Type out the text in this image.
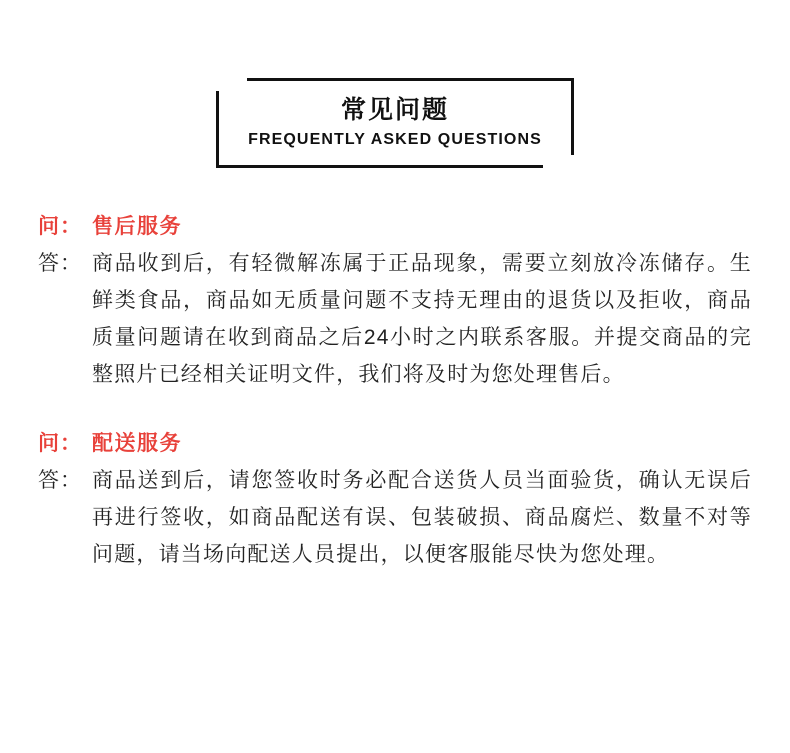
常见问题
FREQUENTLY ASKED QUESTIONS
问： 售后服务
答： 商品收到后，有轻微解冻属于正品现象，需要立刻放冷冻储存。生鲜类食品，商品如无质量问题不支持无理由的退货以及拒收，商品质量问题请在收到商品之后24小时之内联系客服。并提交商品的完整照片已经相关证明文件，我们将及时为您处理售后。
问： 配送服务
答： 商品送到后，请您签收时务必配合送货人员当面验货，确认无误后再进行签收，如商品配送有误、包装破损、商品腐烂、数量不对等问题，请当场向配送人员提出，以便客服能尽快为您处理。
